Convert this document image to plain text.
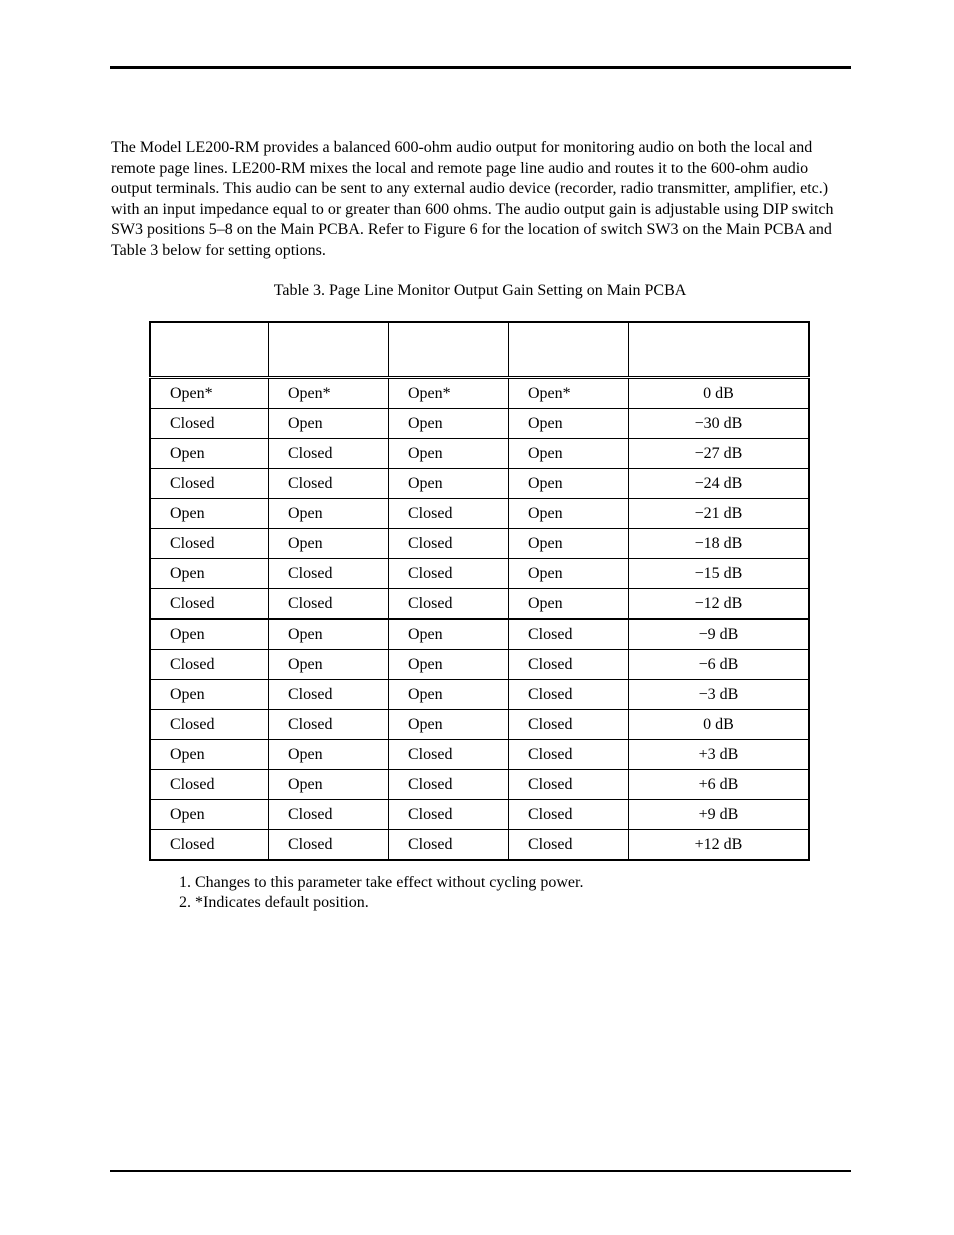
The Model LE200-RM provides a balanced 600-ohm audio output for monitoring audio on both the local and remote page lines. LE200-RM mixes the local and remote page line audio and routes it to the 600-ohm audio output terminals. This audio can be sent to any external audio device (recorder, radio transmitter, amplifier, etc.) with an input impedance equal to or greater than 600 ohms. The audio output gain is adjustable using DIP switch SW3 positions 5–8 on the Main PCBA. Refer to Figure 6 for the location of switch SW3 on the Main PCBA and Table 3 below for setting options.

Table 3. Page Line Monitor Output Gain Setting on Main PCBA

Open*	Open*	Open*	Open*	0 dB
Closed	Open	Open	Open	−30 dB
Open	Closed	Open	Open	−27 dB
Closed	Closed	Open	Open	−24 dB
Open	Open	Closed	Open	−21 dB
Closed	Open	Closed	Open	−18 dB
Open	Closed	Closed	Open	−15 dB
Closed	Closed	Closed	Open	−12 dB
Open	Open	Open	Closed	−9 dB
Closed	Open	Open	Closed	−6 dB
Open	Closed	Open	Closed	−3 dB
Closed	Closed	Open	Closed	0 dB
Open	Open	Closed	Closed	+3 dB
Closed	Open	Closed	Closed	+6 dB
Open	Closed	Closed	Closed	+9 dB
Closed	Closed	Closed	Closed	+12 dB
1. Changes to this parameter take effect without cycling power.
2. *Indicates default position.
